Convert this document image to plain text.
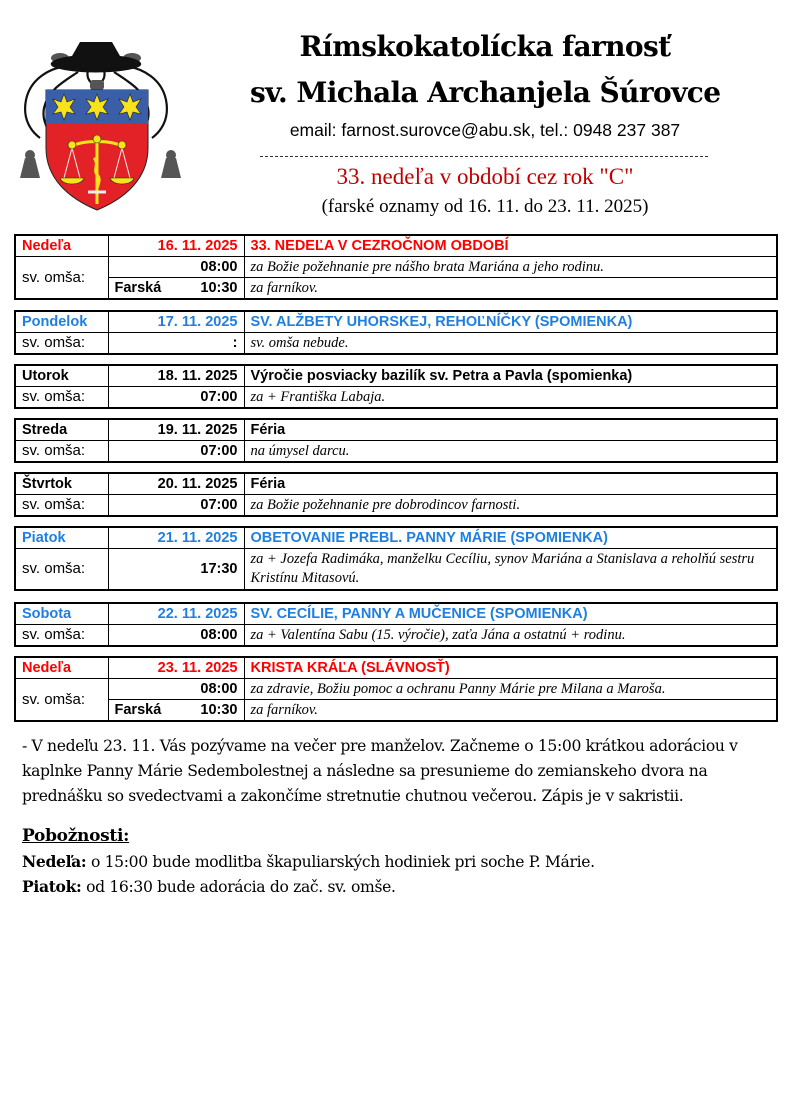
Rímskokatolícka farnosť
sv. Michala Archanjela Šúrovce
email: farnost.surovce@abu.sk, tel.: 0948 237 387
33. nedeľa v období cez rok "C"
(farské oznamy od 16. 11. do 23. 11. 2025)
Nedeľa	16. 11. 2025	33. NEDEĽA V CEZROČNOM OBDOBÍ
sv. omša:	08:00	za Božie požehnanie pre nášho brata Mariána a jeho rodinu.

	Farská 10:30	za farníkov.
Pondelok	17. 11. 2025	SV. ALŽBETY UHORSKEJ, REHOĽNÍČKY (SPOMIENKA)
sv. omša:	:	sv. omša nebude.
Utorok	18. 11. 2025	Výročie posviacky bazilík sv. Petra a Pavla (spomienka)
sv. omša:	07:00	za + Františka Labaja.
Streda	19. 11. 2025	Féria
sv. omša:	07:00	na úmysel darcu.
Štvrtok	20. 11. 2025	Féria
sv. omša:	07:00	za Božie požehnanie pre dobrodincov farnosti.
Piatok	21. 11. 2025	OBETOVANIE PREBL. PANNY MÁRIE (SPOMIENKA)
sv. omša:	17:30	za + Jozefa Radimáka, manželku Cecíliu, synov Mariána a Stanislava a reholňú sestru Kristínu Mitasovú.
Sobota	22. 11. 2025	SV. CECÍLIE, PANNY A MUČENICE (SPOMIENKA)
sv. omša:	08:00	za + Valentína Sabu (15. výročie), zaťa Jána a ostatnú + rodinu.
Nedeľa	23. 11. 2025	KRISTA KRÁĽA (SLÁVNOSŤ)
sv. omša:	08:00	za zdravie, Božiu pomoc a ochranu Panny Márie pre Milana a Maroša.

	Farská 10:30	za farníkov.
- V nedeľu 23. 11. Vás pozývame na večer pre manželov. Začneme o 15:00 krátkou adoráciou v kaplnke Panny Márie Sedembolestnej a následne sa presunieme do zemianskeho dvora na prednášku so svedectvami a zakončíme stretnutie chutnou večerou. Zápis je v sakristii.
Pobožnosti:
Nedeľa: o 15:00 bude modlitba škapuliarských hodiniek pri soche P. Márie.
Piatok: od 16:30 bude adorácia do zač. sv. omše.
